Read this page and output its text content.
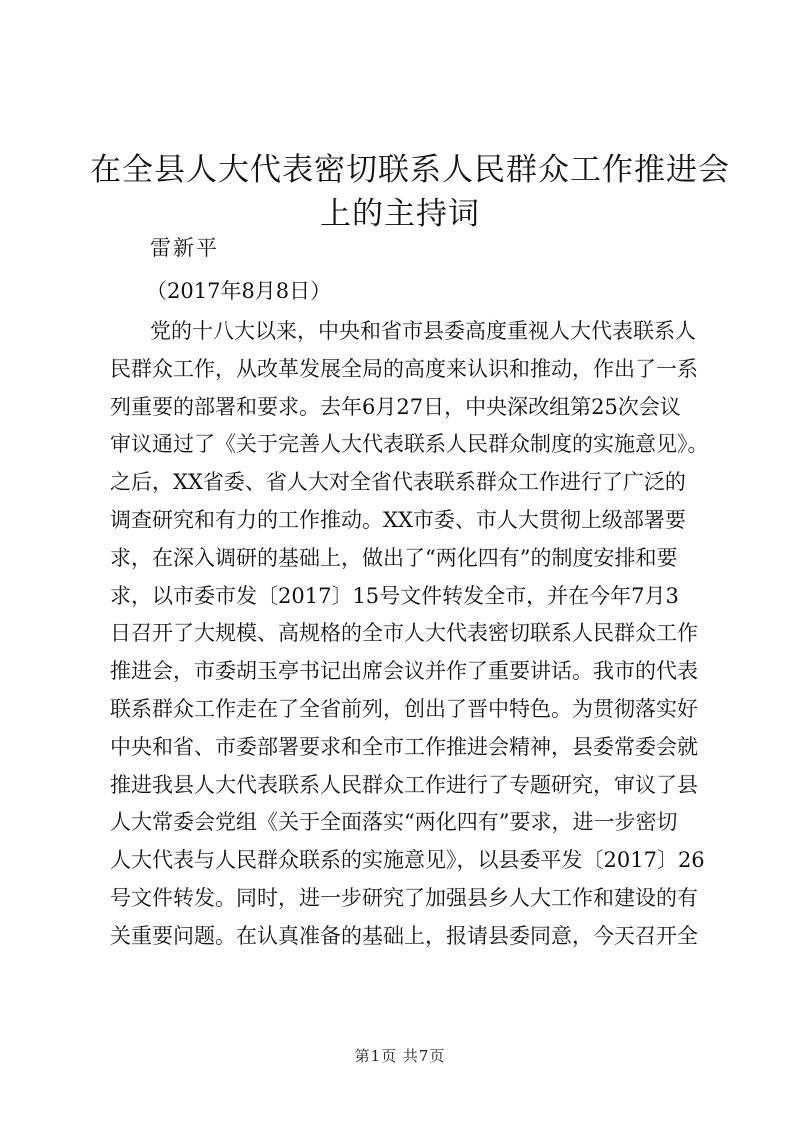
在全县人大代表密切联系人民群众工作推进会
上的主持词
雷新平
（2017年8月8日）
党的十八大以来，中央和省市县委高度重视人大代表联系人
民群众工作，从改革发展全局的高度来认识和推动，作出了一系
列重要的部署和要求。去年6月27日，中央深改组第25次会议
审议通过了《关于完善人大代表联系人民群众制度的实施意见》。
之后，XX省委、省人大对全省代表联系群众工作进行了广泛的
调查研究和有力的工作推动。XX市委、市人大贯彻上级部署要
求，在深入调研的基础上，做出了“两化四有”的制度安排和要
求，以市委市发〔2017〕15号文件转发全市，并在今年7月3
日召开了大规模、高规格的全市人大代表密切联系人民群众工作
推进会，市委胡玉亭书记出席会议并作了重要讲话。我市的代表
联系群众工作走在了全省前列，创出了晋中特色。为贯彻落实好
中央和省、市委部署要求和全市工作推进会精神，县委常委会就
推进我县人大代表联系人民群众工作进行了专题研究，审议了县
人大常委会党组《关于全面落实“两化四有”要求，进一步密切
人大代表与人民群众联系的实施意见》，以县委平发〔2017〕26
号文件转发。同时，进一步研究了加强县乡人大工作和建设的有
关重要问题。在认真准备的基础上，报请县委同意，今天召开全
第1页 共7页
